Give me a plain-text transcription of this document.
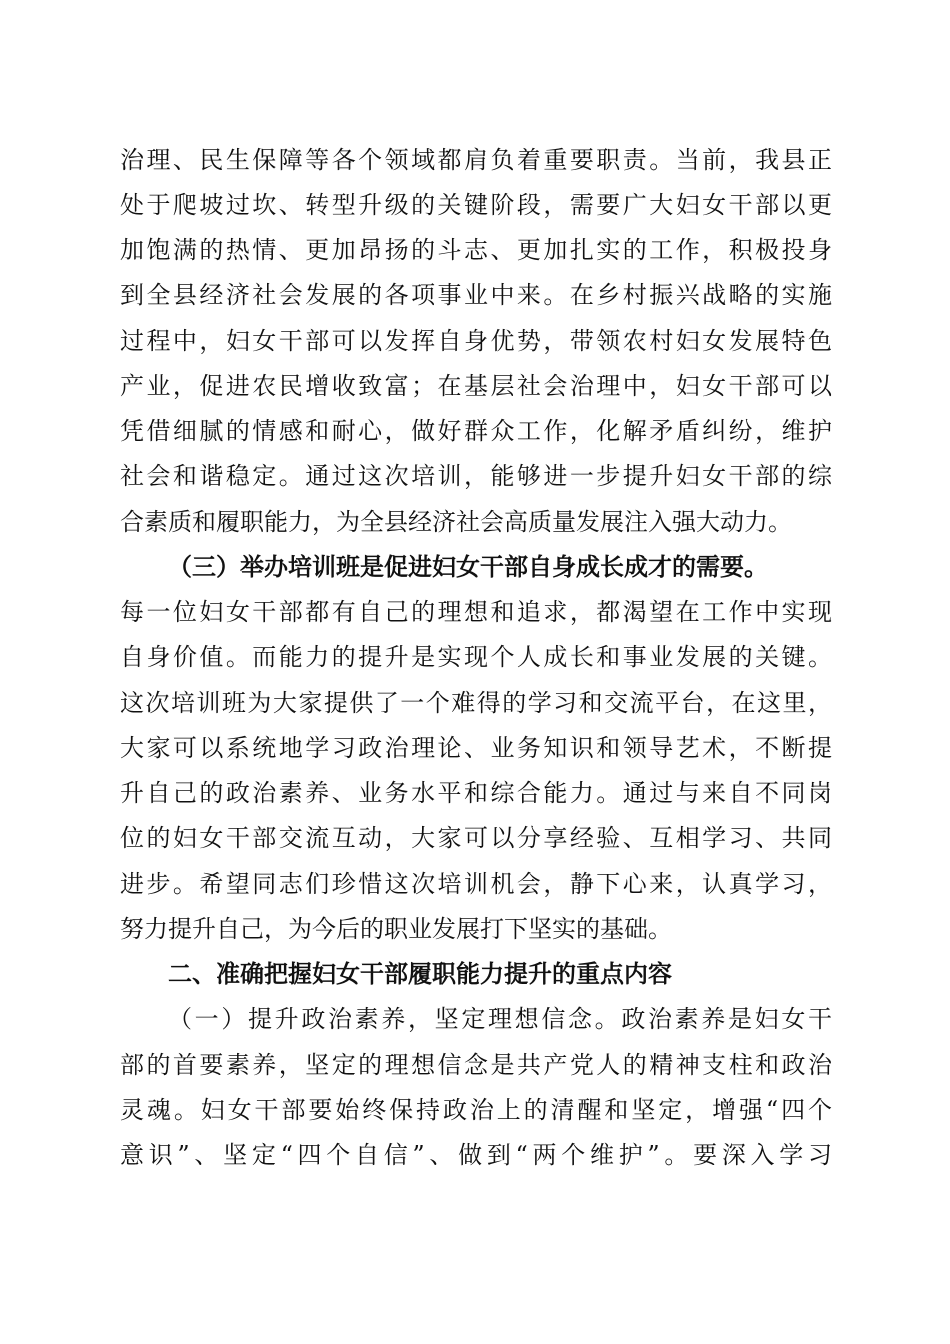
治理、民生保障等各个领域都肩负着重要职责。当前，我县正
处于爬坡过坎、转型升级的关键阶段，需要广大妇女干部以更
加饱满的热情、更加昂扬的斗志、更加扎实的工作，积极投身
到全县经济社会发展的各项事业中来。在乡村振兴战略的实施
过程中，妇女干部可以发挥自身优势，带领农村妇女发展特色
产业，促进农民增收致富；在基层社会治理中，妇女干部可以
凭借细腻的情感和耐心，做好群众工作，化解矛盾纠纷，维护
社会和谐稳定。通过这次培训，能够进一步提升妇女干部的综
合素质和履职能力，为全县经济社会高质量发展注入强大动力。
（三）举办培训班是促进妇女干部自身成长成才的需要。
每一位妇女干部都有自己的理想和追求，都渴望在工作中实现
自身价值。而能力的提升是实现个人成长和事业发展的关键。
这次培训班为大家提供了一个难得的学习和交流平台，在这里，
大家可以系统地学习政治理论、业务知识和领导艺术，不断提
升自己的政治素养、业务水平和综合能力。通过与来自不同岗
位的妇女干部交流互动，大家可以分享经验、互相学习、共同
进步。希望同志们珍惜这次培训机会，静下心来，认真学习，
努力提升自己，为今后的职业发展打下坚实的基础。
二、准确把握妇女干部履职能力提升的重点内容
（一）提升政治素养，坚定理想信念。政治素养是妇女干
部的首要素养，坚定的理想信念是共产党人的精神支柱和政治
灵魂。妇女干部要始终保持政治上的清醒和坚定，增强“四个
意识”、坚定“四个自信”、做到“两个维护”。要深入学习
